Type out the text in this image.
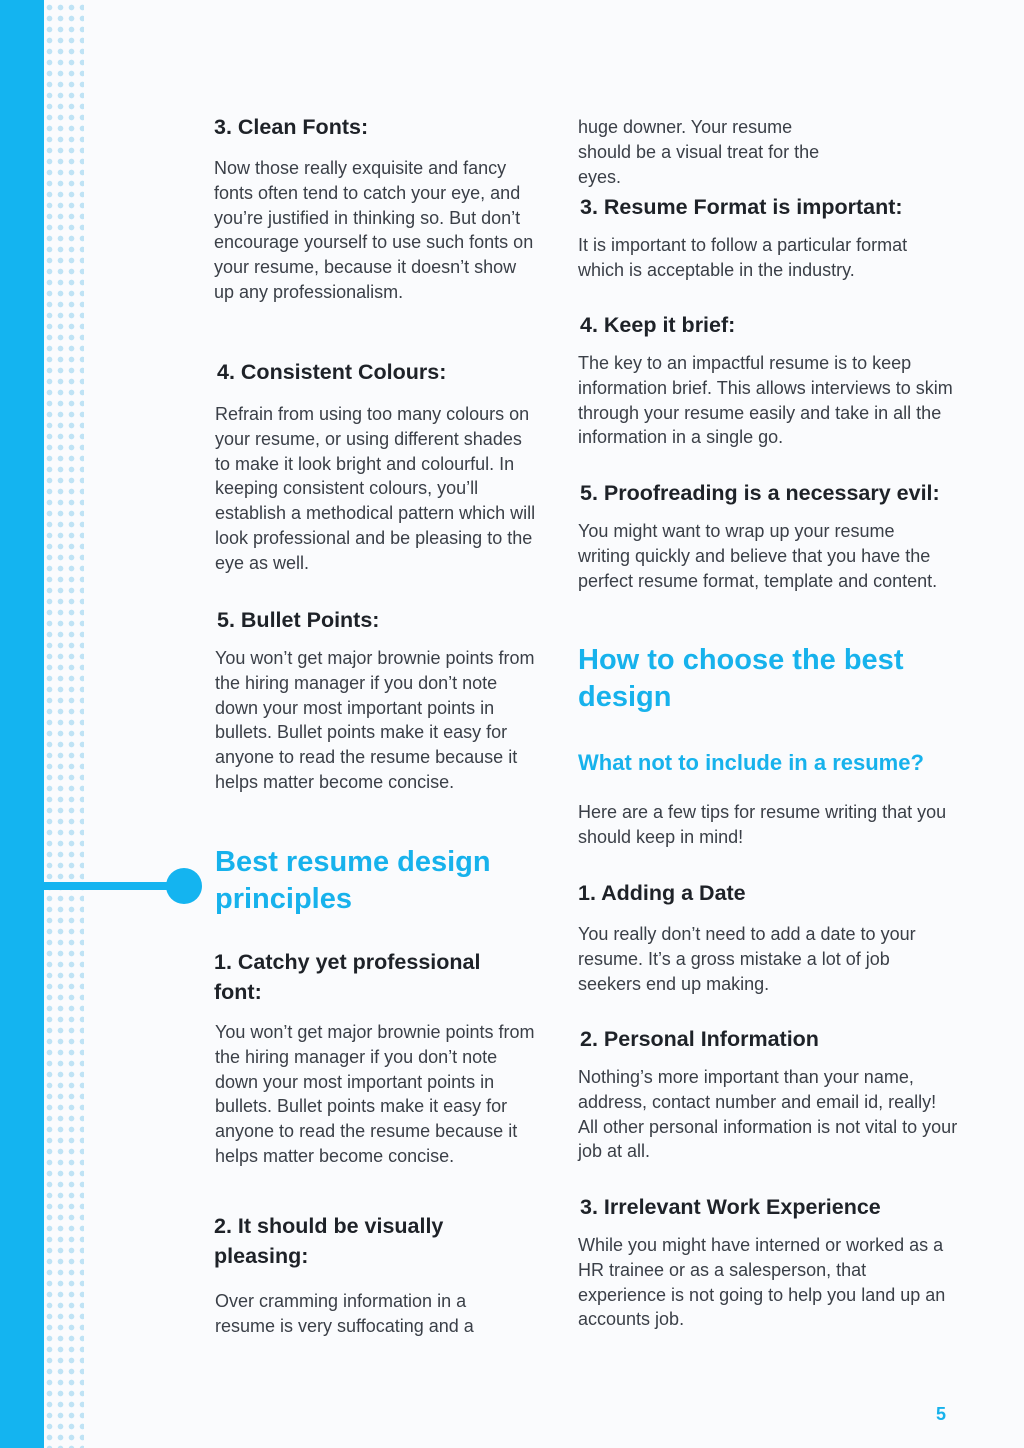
3. Clean Fonts:

Now those really exquisite and fancy fonts often tend to catch your eye, and you’re justified in thinking so. But don’t encourage yourself to use such fonts on your resume, because it doesn’t show up any professionalism.

4. Consistent Colours:

Refrain from using too many colours on your resume, or using different shades to make it look bright and colourful. In keeping consistent colours, you’ll establish a methodical pattern which will look professional and be pleasing to the eye as well.

5. Bullet Points:

You won’t get major brownie points from the hiring manager if you don’t note down your most important points in bullets. Bullet points make it easy for anyone to read the resume because it helps matter become concise.

Best resume design principles
1. Catchy yet professional font:

You won’t get major brownie points from the hiring manager if you don’t note down your most important points in bullets. Bullet points make it easy for anyone to read the resume because it helps matter become concise.

2. It should be visually pleasing:

Over cramming information in a resume is very suffocating and a

huge downer. Your resume should be a visual treat for the eyes.

3. Resume Format is important:

It is important to follow a particular format which is acceptable in the industry.

4. Keep it brief:

The key to an impactful resume is to keep information brief. This allows interviews to skim through your resume easily and take in all the information in a single go.

5. Proofreading is a necessary evil:

You might want to wrap up your resume writing quickly and believe that you have the perfect resume format, template and content.

How to choose the best design
What not to include in a resume?

Here are a few tips for resume writing that you should keep in mind!

1. Adding a Date

You really don’t need to add a date to your resume. It’s a gross mistake a lot of job seekers end up making.

2. Personal Information

Nothing’s more important than your name, address, contact number and email id, really! All other personal information is not vital to your job at all.

3. Irrelevant Work Experience

While you might have interned or worked as a HR trainee or as a salesperson, that experience is not going to help you land up an accounts job.

5
